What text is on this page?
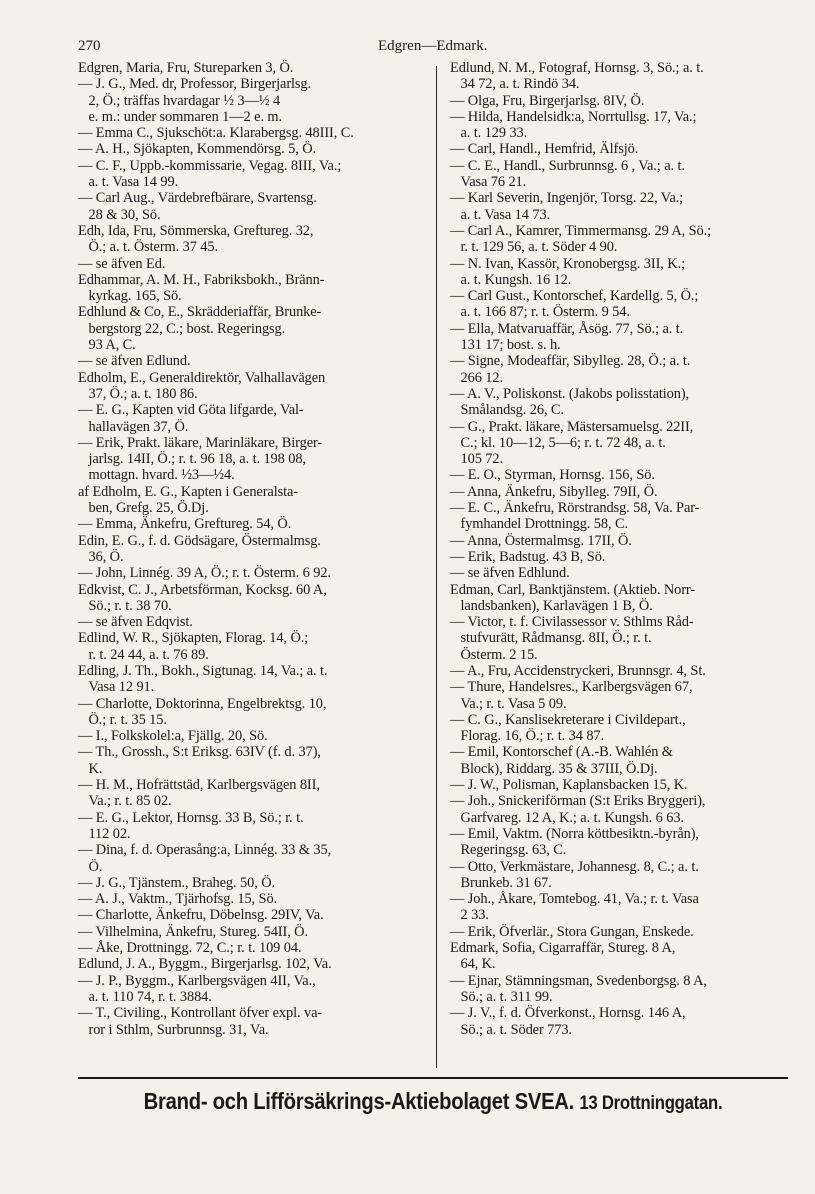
270	Edgren—Edmark.
Edgren, Maria, Fru, Stureparken 3, Ö.
— J. G., Med. dr, Professor, Birgerjarlsg.
2, Ö.; träffas hvardagar ½ 3—½ 4
e. m.: under sommaren 1—2 e. m.
— Emma C., Sjukschöt:a. Klarabergsg. 48III, C.
— A. H., Sjökapten, Kommendörsg. 5, Ö.
— C. F., Uppb.-kommissarie, Vegag. 8III, Va.;
a. t. Vasa 14 99.
— Carl Aug., Värdebrefbärare, Svartensg.
28 & 30, Sö.
Edh, Ida, Fru, Sömmerska, Greftureg. 32,
Ö.; a. t. Österm. 37 45.
— se äfven Ed.
Edhammar, A. M. H., Fabriksbokh., Bränn-
kyrkag. 165, Sö.
Edhlund & Co, E., Skrädderiaffär, Brunke-
bergstorg 22, C.; bost. Regeringsg.
93 A, C.
— se äfven Edlund.
Edholm, E., Generaldirektör, Valhallavägen
37, Ö.; a. t. 180 86.
— E. G., Kapten vid Göta lifgarde, Val-
hallavägen 37, Ö.
— Erik, Prakt. läkare, Marinläkare, Birger-
jarlsg. 14II, Ö.; r. t. 96 18, a. t. 198 08,
mottagn. hvard. ½3—½4.
af Edholm, E. G., Kapten i Generalsta-
ben, Grefg. 25, Ö.Dj.
— Emma, Änkefru, Greftureg. 54, Ö.
Edin, E. G., f. d. Gödsägare, Östermalmsg.
36, Ö.
— John, Linnég. 39 A, Ö.; r. t. Österm. 6 92.
Edkvist, C. J., Arbetsförman, Kocksg. 60 A,
Sö.; r. t. 38 70.
— se äfven Edqvist.
Edlind, W. R., Sjökapten, Florag. 14, Ö.;
r. t. 24 44, a. t. 76 89.
Edling, J. Th., Bokh., Sigtunag. 14, Va.; a. t.
Vasa 12 91.
— Charlotte, Doktorinna, Engelbrektsg. 10,
Ö.; r. t. 35 15.
— I., Folkskolel:a, Fjällg. 20, Sö.
— Th., Grossh., S:t Eriksg. 63IV (f. d. 37),
K.
— H. M., Hofrättstäd, Karlbergsvägen 8II,
Va.; r. t. 85 02.
— E. G., Lektor, Hornsg. 33 B, Sö.; r. t.
112 02.
— Dina, f. d. Operasång:a, Linnég. 33 & 35,
Ö.
— J. G., Tjänstem., Braheg. 50, Ö.
— A. J., Vaktm., Tjärhofsg. 15, Sö.
— Charlotte, Änkefru, Döbelnsg. 29IV, Va.
— Vilhelmina, Änkefru, Stureg. 54II, Ö.
— Åke, Drottningg. 72, C.; r. t. 109 04.
Edlund, J. A., Byggm., Birgerjarlsg. 102, Va.
— J. P., Byggm., Karlbergsvägen 4II, Va.,
a. t. 110 74, r. t. 3884.
— T., Civiling., Kontrollant öfver expl. va-
ror i Sthlm, Surbrunnsg. 31, Va.
Edlund, N. M., Fotograf, Hornsg. 3, Sö.; a. t.
34 72, a. t. Rindö 34.
— Olga, Fru, Birgerjarlsg. 8IV, Ö.
— Hilda, Handelsidk:a, Norrtullsg. 17, Va.;
a. t. 129 33.
— Carl, Handl., Hemfrid, Älfsjö.
— C. E., Handl., Surbrunnsg. 6 , Va.; a. t.
Vasa 76 21.
— Karl Severin, Ingenjör, Torsg. 22, Va.;
a. t. Vasa 14 73.
— Carl A., Kamrer, Timmermansg. 29 A, Sö.;
r. t. 129 56, a. t. Söder 4 90.
— N. Ivan, Kassör, Kronobergsg. 3II, K.;
a. t. Kungsh. 16 12.
— Carl Gust., Kontorschef, Kardellg. 5, Ö.;
a. t. 166 87; r. t. Österm. 9 54.
— Ella, Matvaruaffär, Åsög. 77, Sö.; a. t.
131 17; bost. s. h.
— Signe, Modeaffär, Sibylleg. 28, Ö.; a. t.
266 12.
— A. V., Poliskonst. (Jakobs polisstation),
Smålandsg. 26, C.
— G., Prakt. läkare, Mästersamuelsg. 22II,
C.; kl. 10—12, 5—6; r. t. 72 48, a. t.
105 72.
— E. O., Styrman, Hornsg. 156, Sö.
— Anna, Änkefru, Sibylleg. 79II, Ö.
— E. C., Änkefru, Rörstrandsg. 58, Va. Par-
fymhandel Drottningg. 58, C.
— Anna, Östermalmsg. 17II, Ö.
— Erik, Badstug. 43 B, Sö.
— se äfven Edhlund.
Edman, Carl, Banktjänstem. (Aktieb. Norr-
landsbanken), Karlavägen 1 B, Ö.
— Victor, t. f. Civilassessor v. Sthlms Råd-
stufvurätt, Rådmansg. 8II, Ö.; r. t.
Österm. 2 15.
— A., Fru, Accidenstryckeri, Brunnsgr. 4, St.
— Thure, Handelsres., Karlbergsvägen 67,
Va.; r. t. Vasa 5 09.
— C. G., Kanslisekreterare i Civildepart.,
Florag. 16, Ö.; r. t. 34 87.
— Emil, Kontorschef (A.-B. Wahlén &
Block), Riddarg. 35 & 37III, Ö.Dj.
— J. W., Polisman, Kaplansbacken 15, K.
— Joh., Snickeriförman (S:t Eriks Bryggeri),
Garfvareg. 12 A, K.; a. t. Kungsh. 6 63.
— Emil, Vaktm. (Norra köttbesiktn.-byrån),
Regeringsg. 63, C.
— Otto, Verkmästare, Johannesg. 8, C.; a. t.
Brunkeb. 31 67.
— Joh., Åkare, Tomtebog. 41, Va.; r. t. Vasa
2 33.
— Erik, Öfverlär., Stora Gungan, Enskede.
Edmark, Sofia, Cigarraffär, Stureg. 8 A,
64, K.
— Ejnar, Stämningsman, Svedenborgsg. 8 A,
Sö.; a. t. 311 99.
— J. V., f. d. Öfverkonst., Hornsg. 146 A,
Sö.; a. t. Söder 773.
Brand- och Lifförsäkrings-Aktiebolaget SVEA. 13 Drottninggatan.
